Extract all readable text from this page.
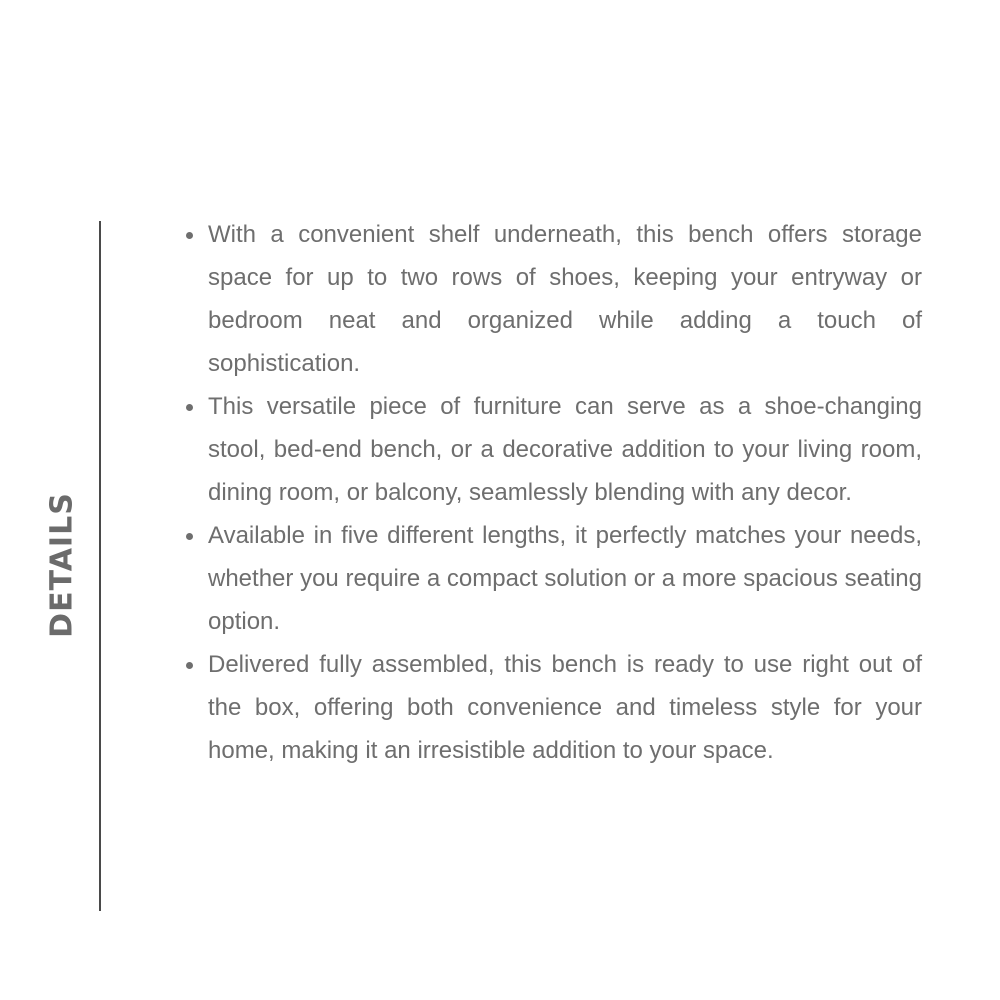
DETAILS
With a convenient shelf underneath, this bench offers storage space for up to two rows of shoes, keeping your entryway or bedroom neat and organized while adding a touch of sophistication.
This versatile piece of furniture can serve as a shoe-changing stool, bed-end bench, or a decorative addition to your living room, dining room, or balcony, seamlessly blending with any decor.
Available in five different lengths, it perfectly matches your needs, whether you require a compact solution or a more spacious seating option.
Delivered fully assembled, this bench is ready to use right out of the box, offering both convenience and timeless style for your home, making it an irresistible addition to your space.
